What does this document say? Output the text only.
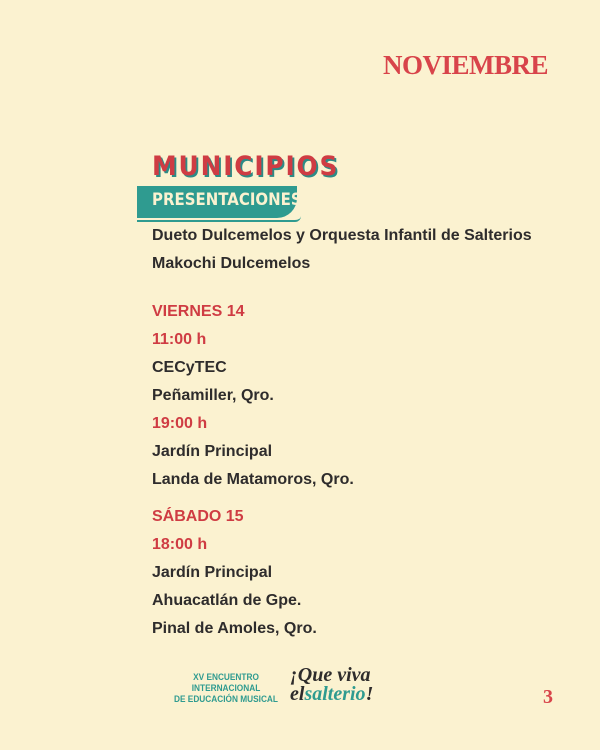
NOVIEMBRE
MUNICIPIOS
PRESENTACIONES
Dueto Dulcemelos y Orquesta Infantil de Salterios
Makochi Dulcemelos
VIERNES 14
11:00 h
CECyTEC
Peñamiller, Qro.
19:00 h
Jardín Principal
Landa de Matamoros, Qro.
SÁBADO 15
18:00 h
Jardín Principal
Ahuacatlán de Gpe.
Pinal de Amoles, Qro.
XV ENCUENTRO INTERNACIONAL
DE EDUCACIÓN MUSICAL
¡Que viva
elsalterio!	3
